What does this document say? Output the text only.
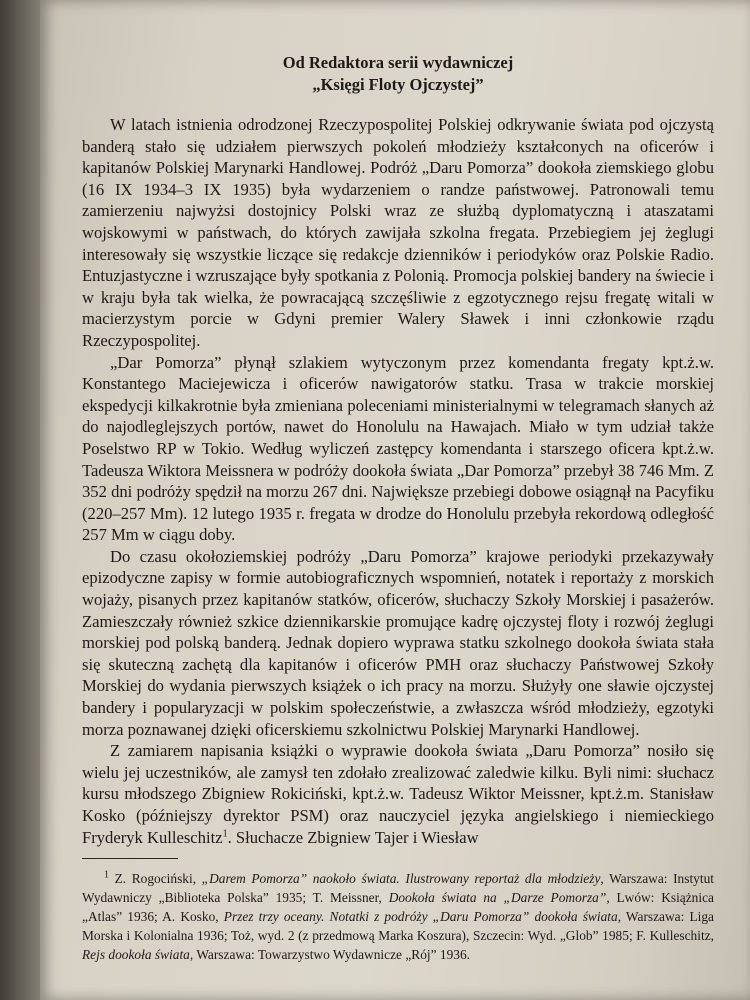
Od Redaktora serii wydawniczej
„Księgi Floty Ojczystej”

W latach istnienia odrodzonej Rzeczypospolitej Polskiej odkrywanie świata pod ojczystą banderą stało się udziałem pierwszych pokoleń młodzieży kształconych na oficerów i kapitanów Polskiej Marynarki Handlowej. Podróż „Daru Pomorza” dookoła ziemskiego globu (16 IX 1934–3 IX 1935) była wydarzeniem o randze państwowej. Patronowali temu zamierzeniu najwyżsi dostojnicy Polski wraz ze służbą dyplomatyczną i ataszatami wojskowymi w państwach, do których zawijała szkolna fregata. Przebiegiem jej żeglugi interesowały się wszystkie liczące się redakcje dzienników i periodyków oraz Polskie Radio. Entuzjastyczne i wzruszające były spotkania z Polonią. Promocja polskiej bandery na świecie i w kraju była tak wielka, że powracającą szczęśliwie z egzotycznego rejsu fregatę witali w macierzystym porcie w Gdyni premier Walery Sławek i inni członkowie rządu Rzeczypospolitej.

„Dar Pomorza” płynął szlakiem wytyczonym przez komendanta fregaty kpt.ż.w. Konstantego Maciejewicza i oficerów nawigatorów statku. Trasa w trakcie morskiej ekspedycji kilkakrotnie była zmieniana poleceniami ministerialnymi w telegramach słanych aż do najodleglejszych portów, nawet do Honolulu na Hawajach. Miało w tym udział także Poselstwo RP w Tokio. Według wyliczeń zastępcy komendanta i starszego oficera kpt.ż.w. Tadeusza Wiktora Meissnera w podróży dookoła świata „Dar Pomorza” przebył 38 746 Mm. Z 352 dni podróży spędził na morzu 267 dni. Największe przebiegi dobowe osiągnął na Pacyfiku (220–257 Mm). 12 lutego 1935 r. fregata w drodze do Honolulu przebyła rekordową odległość 257 Mm w ciągu doby.

Do czasu okołoziemskiej podróży „Daru Pomorza” krajowe periodyki przekazywały epizodyczne zapisy w formie autobiograficznych wspomnień, notatek i reportaży z morskich wojaży, pisanych przez kapitanów statków, oficerów, słuchaczy Szkoły Morskiej i pasażerów. Zamieszczały również szkice dziennikarskie promujące kadrę ojczystej floty i rozwój żeglugi morskiej pod polską banderą. Jednak dopiero wyprawa statku szkolnego dookoła świata stała się skuteczną zachętą dla kapitanów i oficerów PMH oraz słuchaczy Państwowej Szkoły Morskiej do wydania pierwszych książek o ich pracy na morzu. Służyły one sławie ojczystej bandery i popularyzacji w polskim społeczeństwie, a zwłaszcza wśród młodzieży, egzotyki morza poznawanej dzięki oficerskiemu szkolnictwu Polskiej Marynarki Handlowej.

Z zamiarem napisania książki o wyprawie dookoła świata „Daru Pomorza” nosiło się wielu jej uczestników, ale zamysł ten zdołało zrealizować zaledwie kilku. Byli nimi: słuchacz kursu młodszego Zbigniew Rokiciński, kpt.ż.w. Tadeusz Wiktor Meissner, kpt.ż.m. Stanisław Kosko (późniejszy dyrektor PSM) oraz nauczyciel języka angielskiego i niemieckiego Fryderyk Kulleschitz$^1$. Słuchacze Zbigniew Tajer i Wiesław

$^1$ Z. Rogociński, „Darem Pomorza” naokoło świata. Ilustrowany reportaż dla młodzieży, Warszawa: Instytut Wydawniczy „Biblioteka Polska” 1935; T. Meissner, Dookoła świata na „Darze Pomorza”, Lwów: Książnica „Atlas” 1936; A. Kosko, Przez trzy oceany. Notatki z podróży „Daru Pomorza” dookoła świata, Warszawa: Liga Morska i Kolonialna 1936; Toż, wyd. 2 (z przedmową Marka Koszura), Szczecin: Wyd. „Glob” 1985; F. Kulleschitz, Rejs dookoła świata, Warszawa: Towarzystwo Wydawnicze „Rój” 1936.
